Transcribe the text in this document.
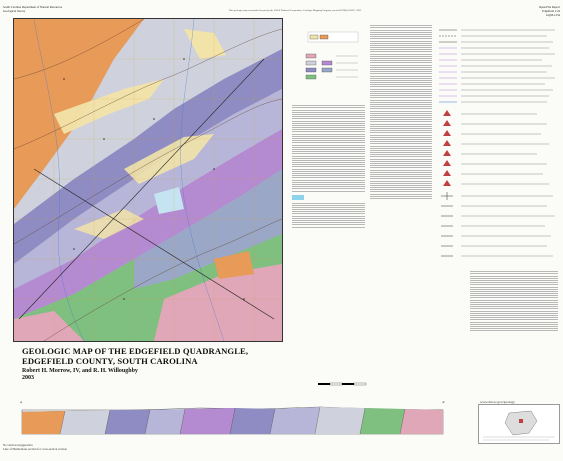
South Carolina Department of Natural Resources
Geological Survey	This geologic map was funded in part by the USGS National Cooperative Geologic Mapping Program, award #02HQAG0007, 2003
Open-File Report
Edgefield 1:24
GQM-1234
GEOLOGIC MAP OF THE EDGEFIELD QUADRANGLE, EDGEFIELD COUNTY, SOUTH CAROLINA
Robert H. Morrow, IV, and R. H. Willoughby
2003
A	A'	www.dnr.sc.gov/geology
No vertical exaggeration
Line of Harmonious section for cross-section version
